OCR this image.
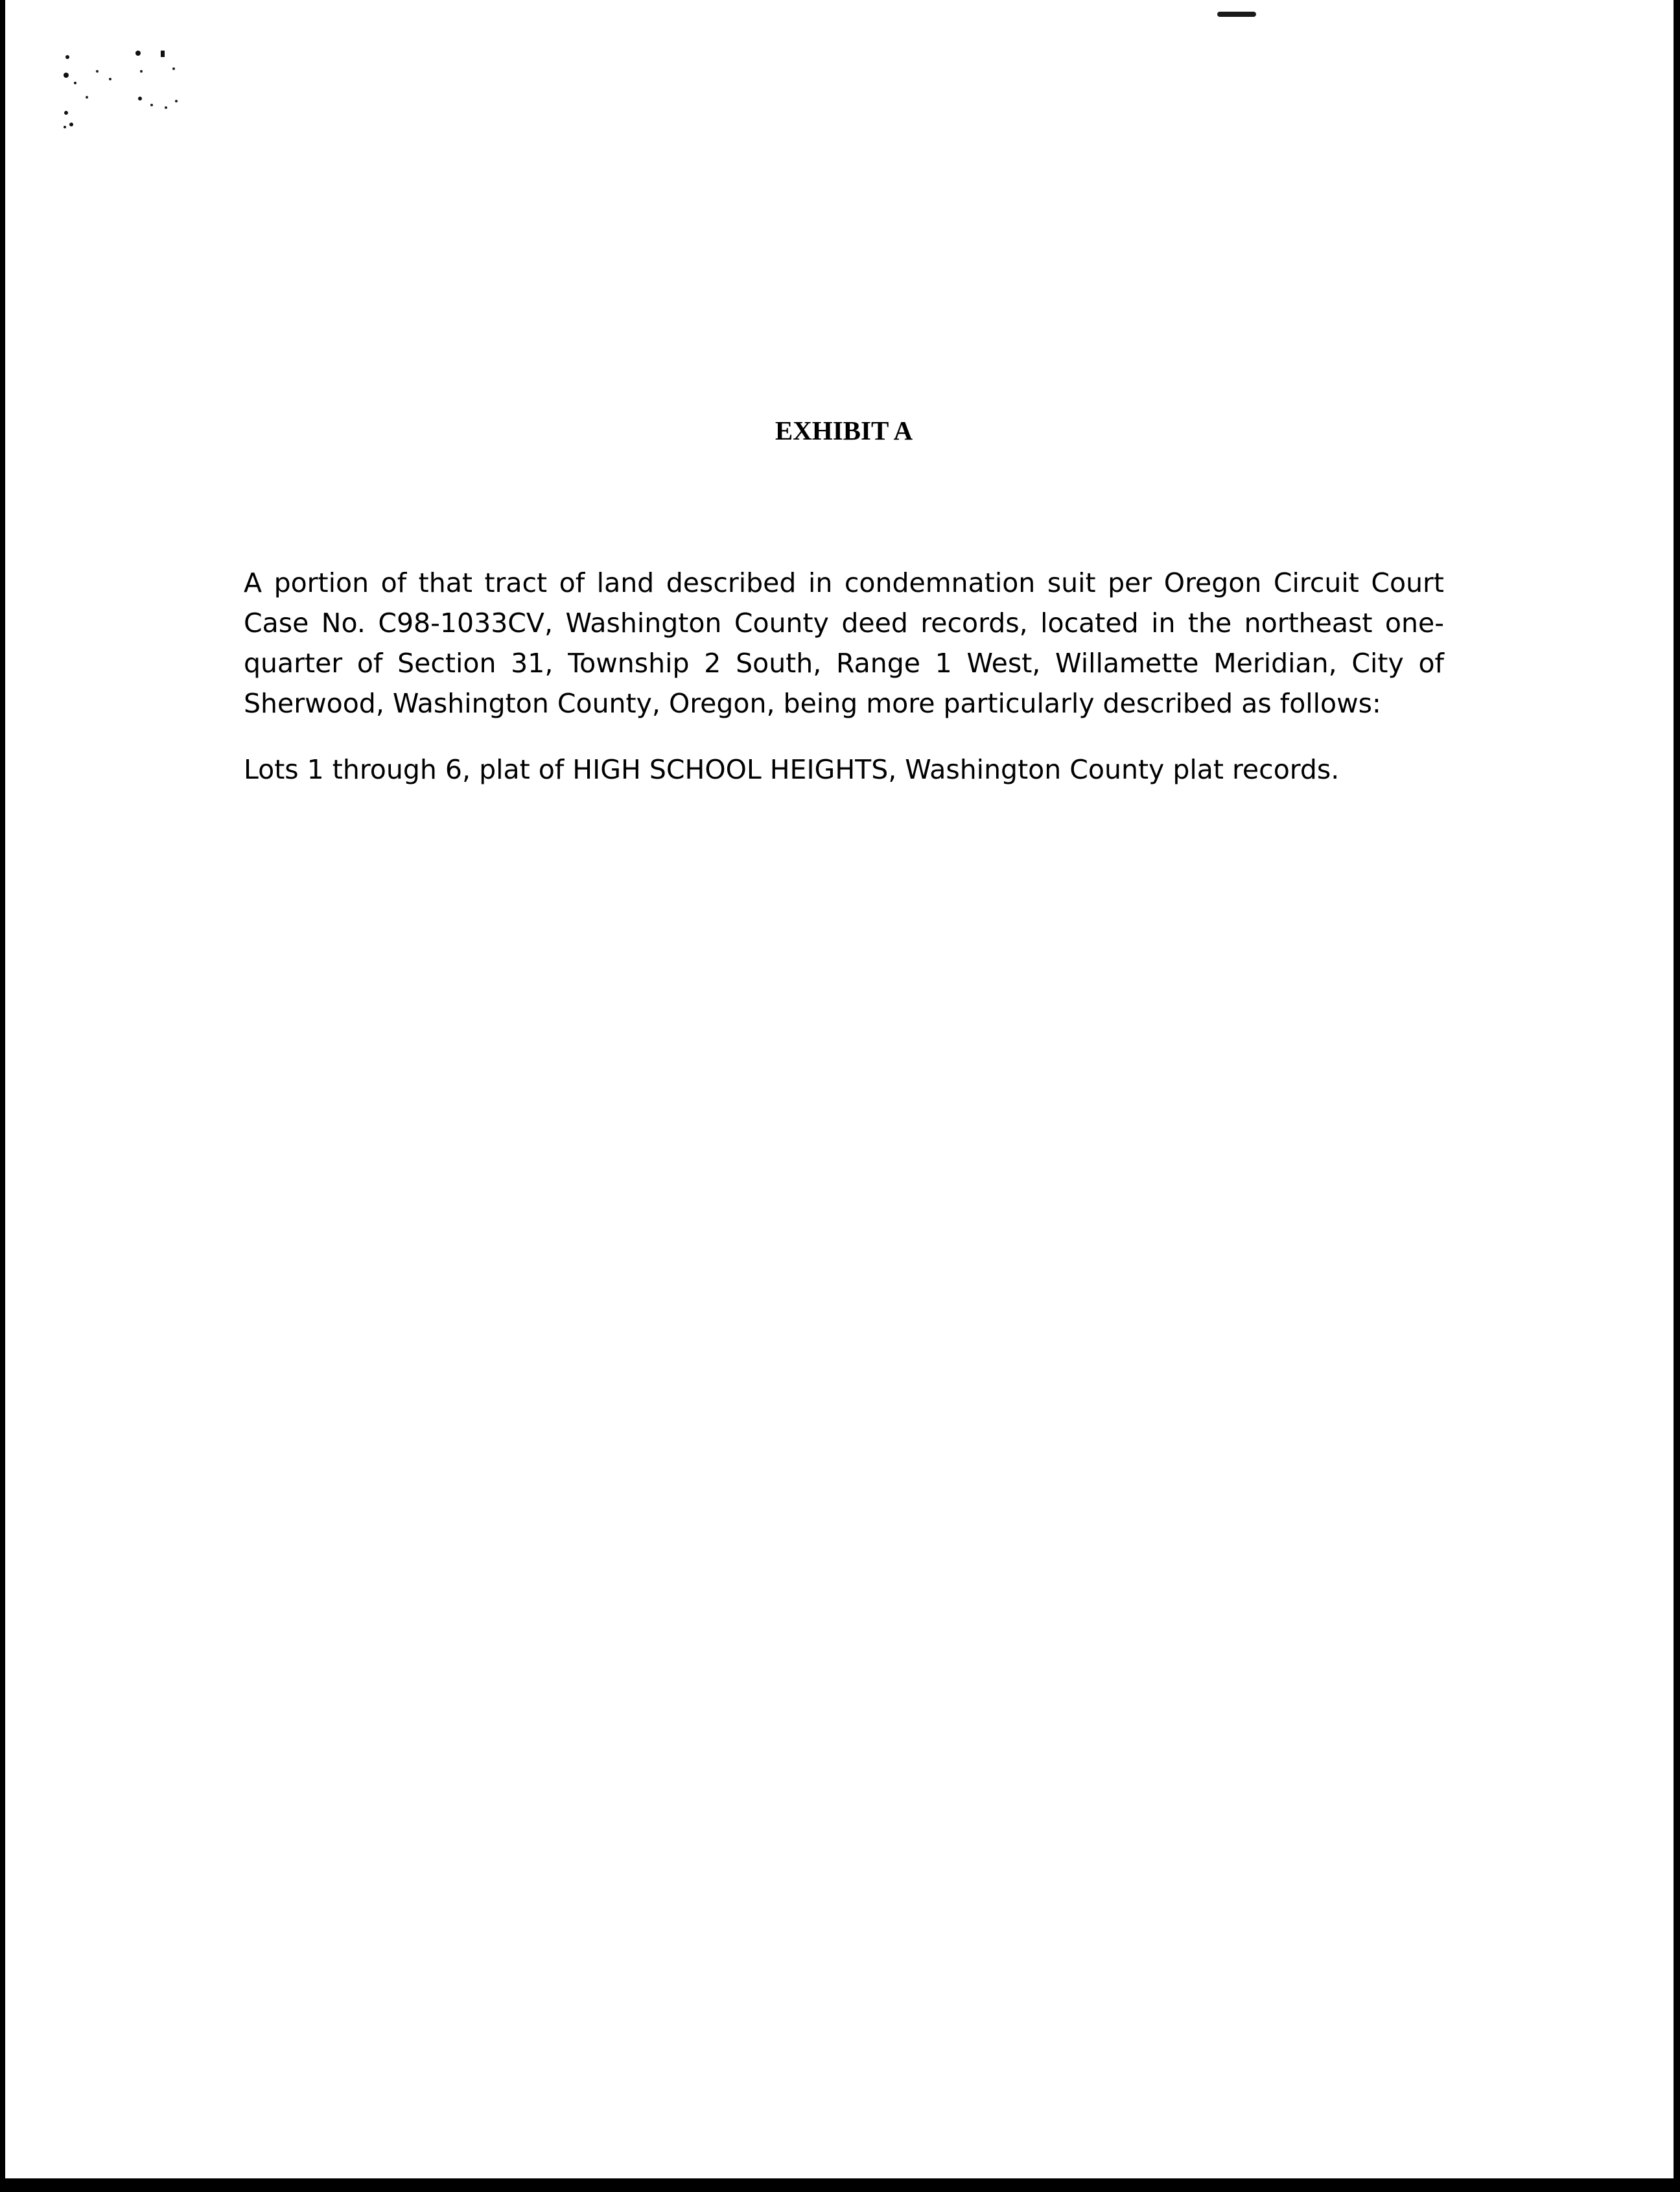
EXHIBIT A

A portion of that tract of land described in condemnation suit per Oregon Circuit Court Case No. C98-1033CV, Washington County deed records, located in the northeast one-quarter of Section 31, Township 2 South, Range 1 West, Willamette Meridian, City of Sherwood, Washington County, Oregon, being more particularly described as follows:

Lots 1 through 6, plat of HIGH SCHOOL HEIGHTS, Washington County plat records.
